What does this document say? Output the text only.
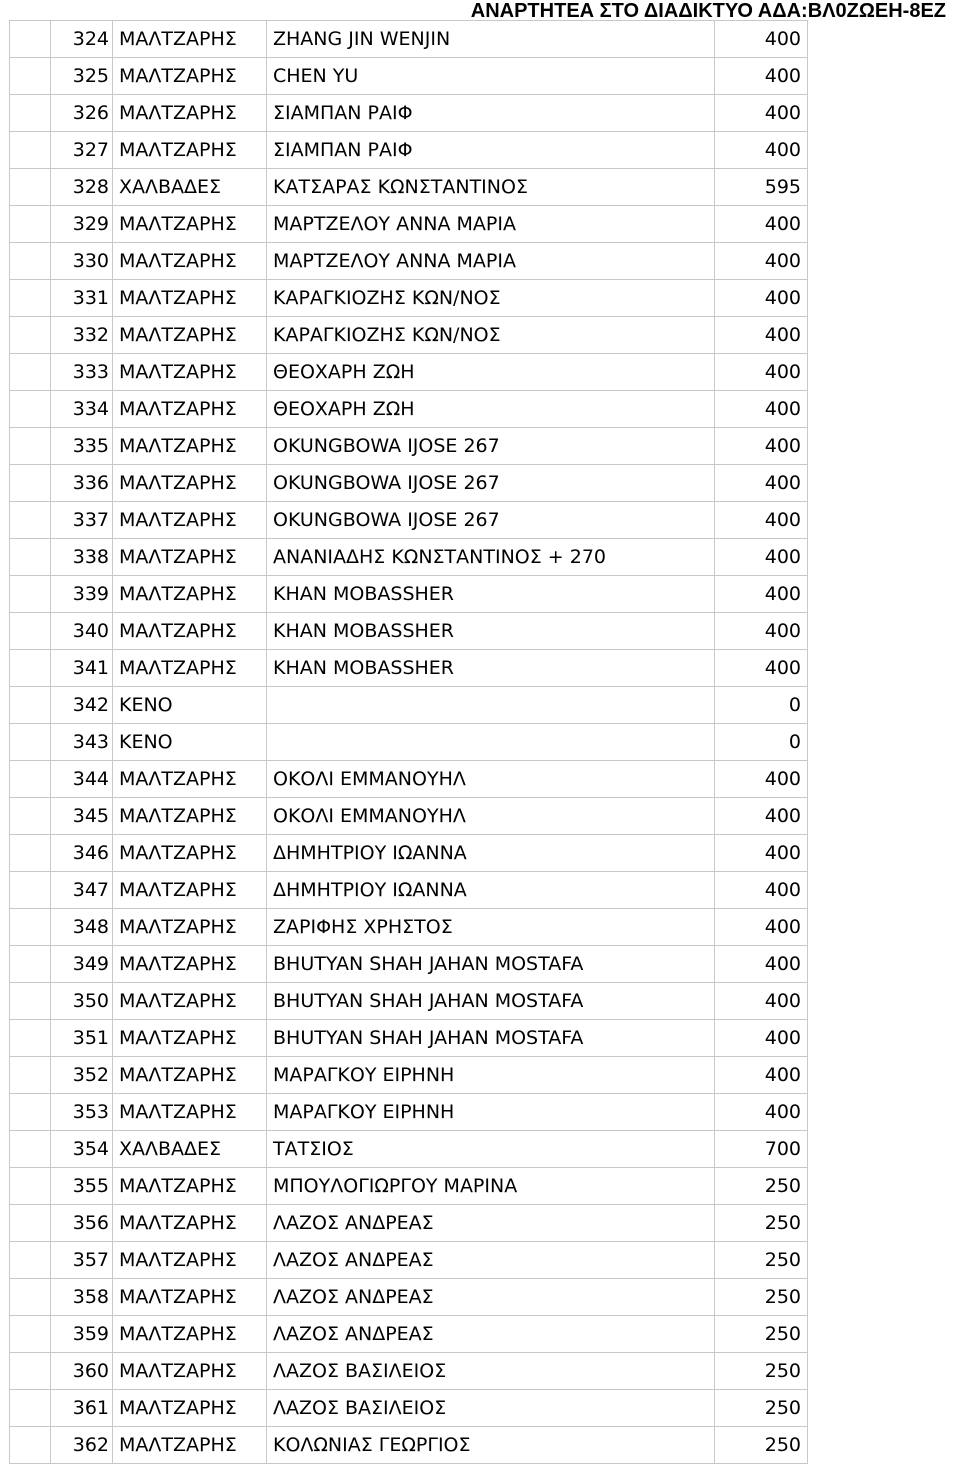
ΑΝΑΡΤΗΤΕΑ ΣΤΟ ΔΙΑΔΙΚΤΥΟ ΑΔΑ:ΒΛ0ΖΩΕΗ-8ΕΖ
	324	ΜΑΛΤΖΑΡΗΣ	ZHANG JIN WENJIN	400
	325	ΜΑΛΤΖΑΡΗΣ	CHEN YU	400
	326	ΜΑΛΤΖΑΡΗΣ	ΣΙΑΜΠΑΝ ΡΑΙΦ	400
	327	ΜΑΛΤΖΑΡΗΣ	ΣΙΑΜΠΑΝ ΡΑΙΦ	400
	328	ΧΑΛΒΑΔΕΣ	ΚΑΤΣΑΡΑΣ ΚΩΝΣΤΑΝΤΙΝΟΣ	595
	329	ΜΑΛΤΖΑΡΗΣ	ΜΑΡΤΖΕΛΟΥ ΑΝΝΑ ΜΑΡΙΑ	400
	330	ΜΑΛΤΖΑΡΗΣ	ΜΑΡΤΖΕΛΟΥ ΑΝΝΑ ΜΑΡΙΑ	400
	331	ΜΑΛΤΖΑΡΗΣ	ΚΑΡΑΓΚΙΟΖΗΣ ΚΩΝ/ΝΟΣ	400
	332	ΜΑΛΤΖΑΡΗΣ	ΚΑΡΑΓΚΙΟΖΗΣ ΚΩΝ/ΝΟΣ	400
	333	ΜΑΛΤΖΑΡΗΣ	ΘΕΟΧΑΡΗ ΖΩΗ	400
	334	ΜΑΛΤΖΑΡΗΣ	ΘΕΟΧΑΡΗ ΖΩΗ	400
	335	ΜΑΛΤΖΑΡΗΣ	OKUNGBOWA IJOSE 267	400
	336	ΜΑΛΤΖΑΡΗΣ	OKUNGBOWA IJOSE 267	400
	337	ΜΑΛΤΖΑΡΗΣ	OKUNGBOWA IJOSE 267	400
	338	ΜΑΛΤΖΑΡΗΣ	ΑΝΑΝΙΑΔΗΣ ΚΩΝΣΤΑΝΤΙΝΟΣ + 270	400
	339	ΜΑΛΤΖΑΡΗΣ	KHAN MOBASSHER	400
	340	ΜΑΛΤΖΑΡΗΣ	KHAN MOBASSHER	400
	341	ΜΑΛΤΖΑΡΗΣ	KHAN MOBASSHER	400
	342	ΚΕΝΟ		0
	343	ΚΕΝΟ		0
	344	ΜΑΛΤΖΑΡΗΣ	ΟΚΟΛΙ ΕΜΜΑΝΟΥΗΛ	400
	345	ΜΑΛΤΖΑΡΗΣ	ΟΚΟΛΙ ΕΜΜΑΝΟΥΗΛ	400
	346	ΜΑΛΤΖΑΡΗΣ	ΔΗΜΗΤΡΙΟΥ ΙΩΑΝΝΑ	400
	347	ΜΑΛΤΖΑΡΗΣ	ΔΗΜΗΤΡΙΟΥ ΙΩΑΝΝΑ	400
	348	ΜΑΛΤΖΑΡΗΣ	ΖΑΡΙΦΗΣ ΧΡΗΣΤΟΣ	400
	349	ΜΑΛΤΖΑΡΗΣ	BHUTYAN SHAH JAHAN MOSTAFA	400
	350	ΜΑΛΤΖΑΡΗΣ	BHUTYAN SHAH JAHAN MOSTAFA	400
	351	ΜΑΛΤΖΑΡΗΣ	BHUTYAN SHAH JAHAN MOSTAFA	400
	352	ΜΑΛΤΖΑΡΗΣ	ΜΑΡΑΓΚΟΥ ΕΙΡΗΝΗ	400
	353	ΜΑΛΤΖΑΡΗΣ	ΜΑΡΑΓΚΟΥ ΕΙΡΗΝΗ	400
	354	ΧΑΛΒΑΔΕΣ	ΤΑΤΣΙΟΣ	700
	355	ΜΑΛΤΖΑΡΗΣ	ΜΠΟΥΛΟΓΙΩΡΓΟΥ ΜΑΡΙΝΑ	250
	356	ΜΑΛΤΖΑΡΗΣ	ΛΑΖΟΣ ΑΝΔΡΕΑΣ	250
	357	ΜΑΛΤΖΑΡΗΣ	ΛΑΖΟΣ ΑΝΔΡΕΑΣ	250
	358	ΜΑΛΤΖΑΡΗΣ	ΛΑΖΟΣ ΑΝΔΡΕΑΣ	250
	359	ΜΑΛΤΖΑΡΗΣ	ΛΑΖΟΣ ΑΝΔΡΕΑΣ	250
	360	ΜΑΛΤΖΑΡΗΣ	ΛΑΖΟΣ ΒΑΣΙΛΕΙΟΣ	250
	361	ΜΑΛΤΖΑΡΗΣ	ΛΑΖΟΣ ΒΑΣΙΛΕΙΟΣ	250
	362	ΜΑΛΤΖΑΡΗΣ	ΚΟΛΩΝΙΑΣ ΓΕΩΡΓΙΟΣ	250
